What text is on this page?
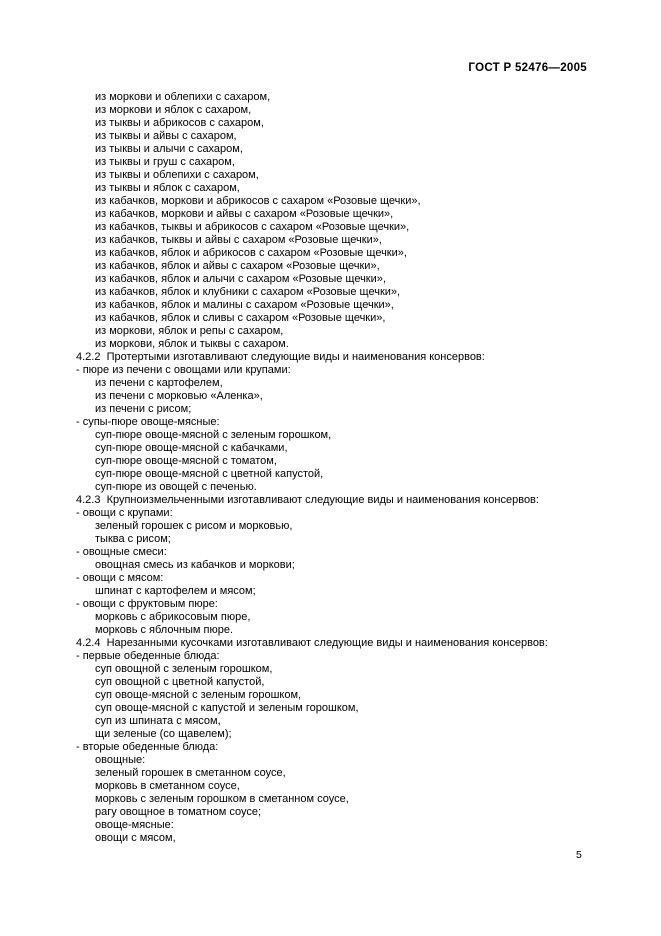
ГОСТ Р 52476—2005
из моркови и облепихи с сахаром,
из моркови и яблок с сахаром,
из тыквы и абрикосов с сахаром,
из тыквы и айвы с сахаром,
из тыквы и алычи с сахаром,
из тыквы и груш с сахаром,
из тыквы и облепихи с сахаром,
из тыквы и яблок с сахаром,
из кабачков, моркови и абрикосов с сахаром «Розовые щечки»,
из кабачков, моркови и айвы с сахаром «Розовые щечки»,
из кабачков, тыквы и абрикосов с сахаром «Розовые щечки»,
из кабачков, тыквы и айвы с сахаром «Розовые щечки»,
из кабачков, яблок и абрикосов с сахаром «Розовые щечки»,
из кабачков, яблок и айвы с сахаром «Розовые щечки»,
из кабачков, яблок и алычи с сахаром «Розовые щечки»,
из кабачков, яблок и клубники с сахаром «Розовые щечки»,
из кабачков, яблок и малины с сахаром «Розовые щечки»,
из кабачков, яблок и сливы с сахаром «Розовые щечки»,
из моркови, яблок и репы с сахаром,
из моркови, яблок и тыквы с сахаром.
4.2.2  Протертыми изготавливают следующие виды и наименования консервов:
- пюре из печени с овощами или крупами:
из печени с картофелем,
из печени с морковью «Аленка»,
из печени с рисом;
- супы-пюре овоще-мясные:
суп-пюре овоще-мясной с зеленым горошком,
суп-пюре овоще-мясной с кабачками,
суп-пюре овоще-мясной с томатом,
суп-пюре овоще-мясной с цветной капустой,
суп-пюре из овощей с печенью.
4.2.3  Крупноизмельченными изготавливают следующие виды и наименования консервов:
- овощи с крупами:
зеленый горошек с рисом и морковью,
тыква с рисом;
- овощные смеси:
овощная смесь из кабачков и моркови;
- овощи с мясом:
шпинат с картофелем и мясом;
- овощи с фруктовым пюре:
морковь с абрикосовым пюре,
морковь с яблочным пюре.
4.2.4  Нарезанными кусочками изготавливают следующие виды и наименования консервов:
- первые обеденные блюда:
суп овощной с зеленым горошком,
суп овощной с цветной капустой,
суп овоще-мясной с зеленым горошком,
суп овоще-мясной с капустой и зеленым горошком,
суп из шпината с мясом,
щи зеленые (со щавелем);
- вторые обеденные блюда:
овощные:
зеленый горошек в сметанном соусе,
морковь в сметанном соусе,
морковь с зеленым горошком в сметанном соусе,
рагу овощное в томатном соусе;
овоще-мясные:
овощи с мясом,
5
